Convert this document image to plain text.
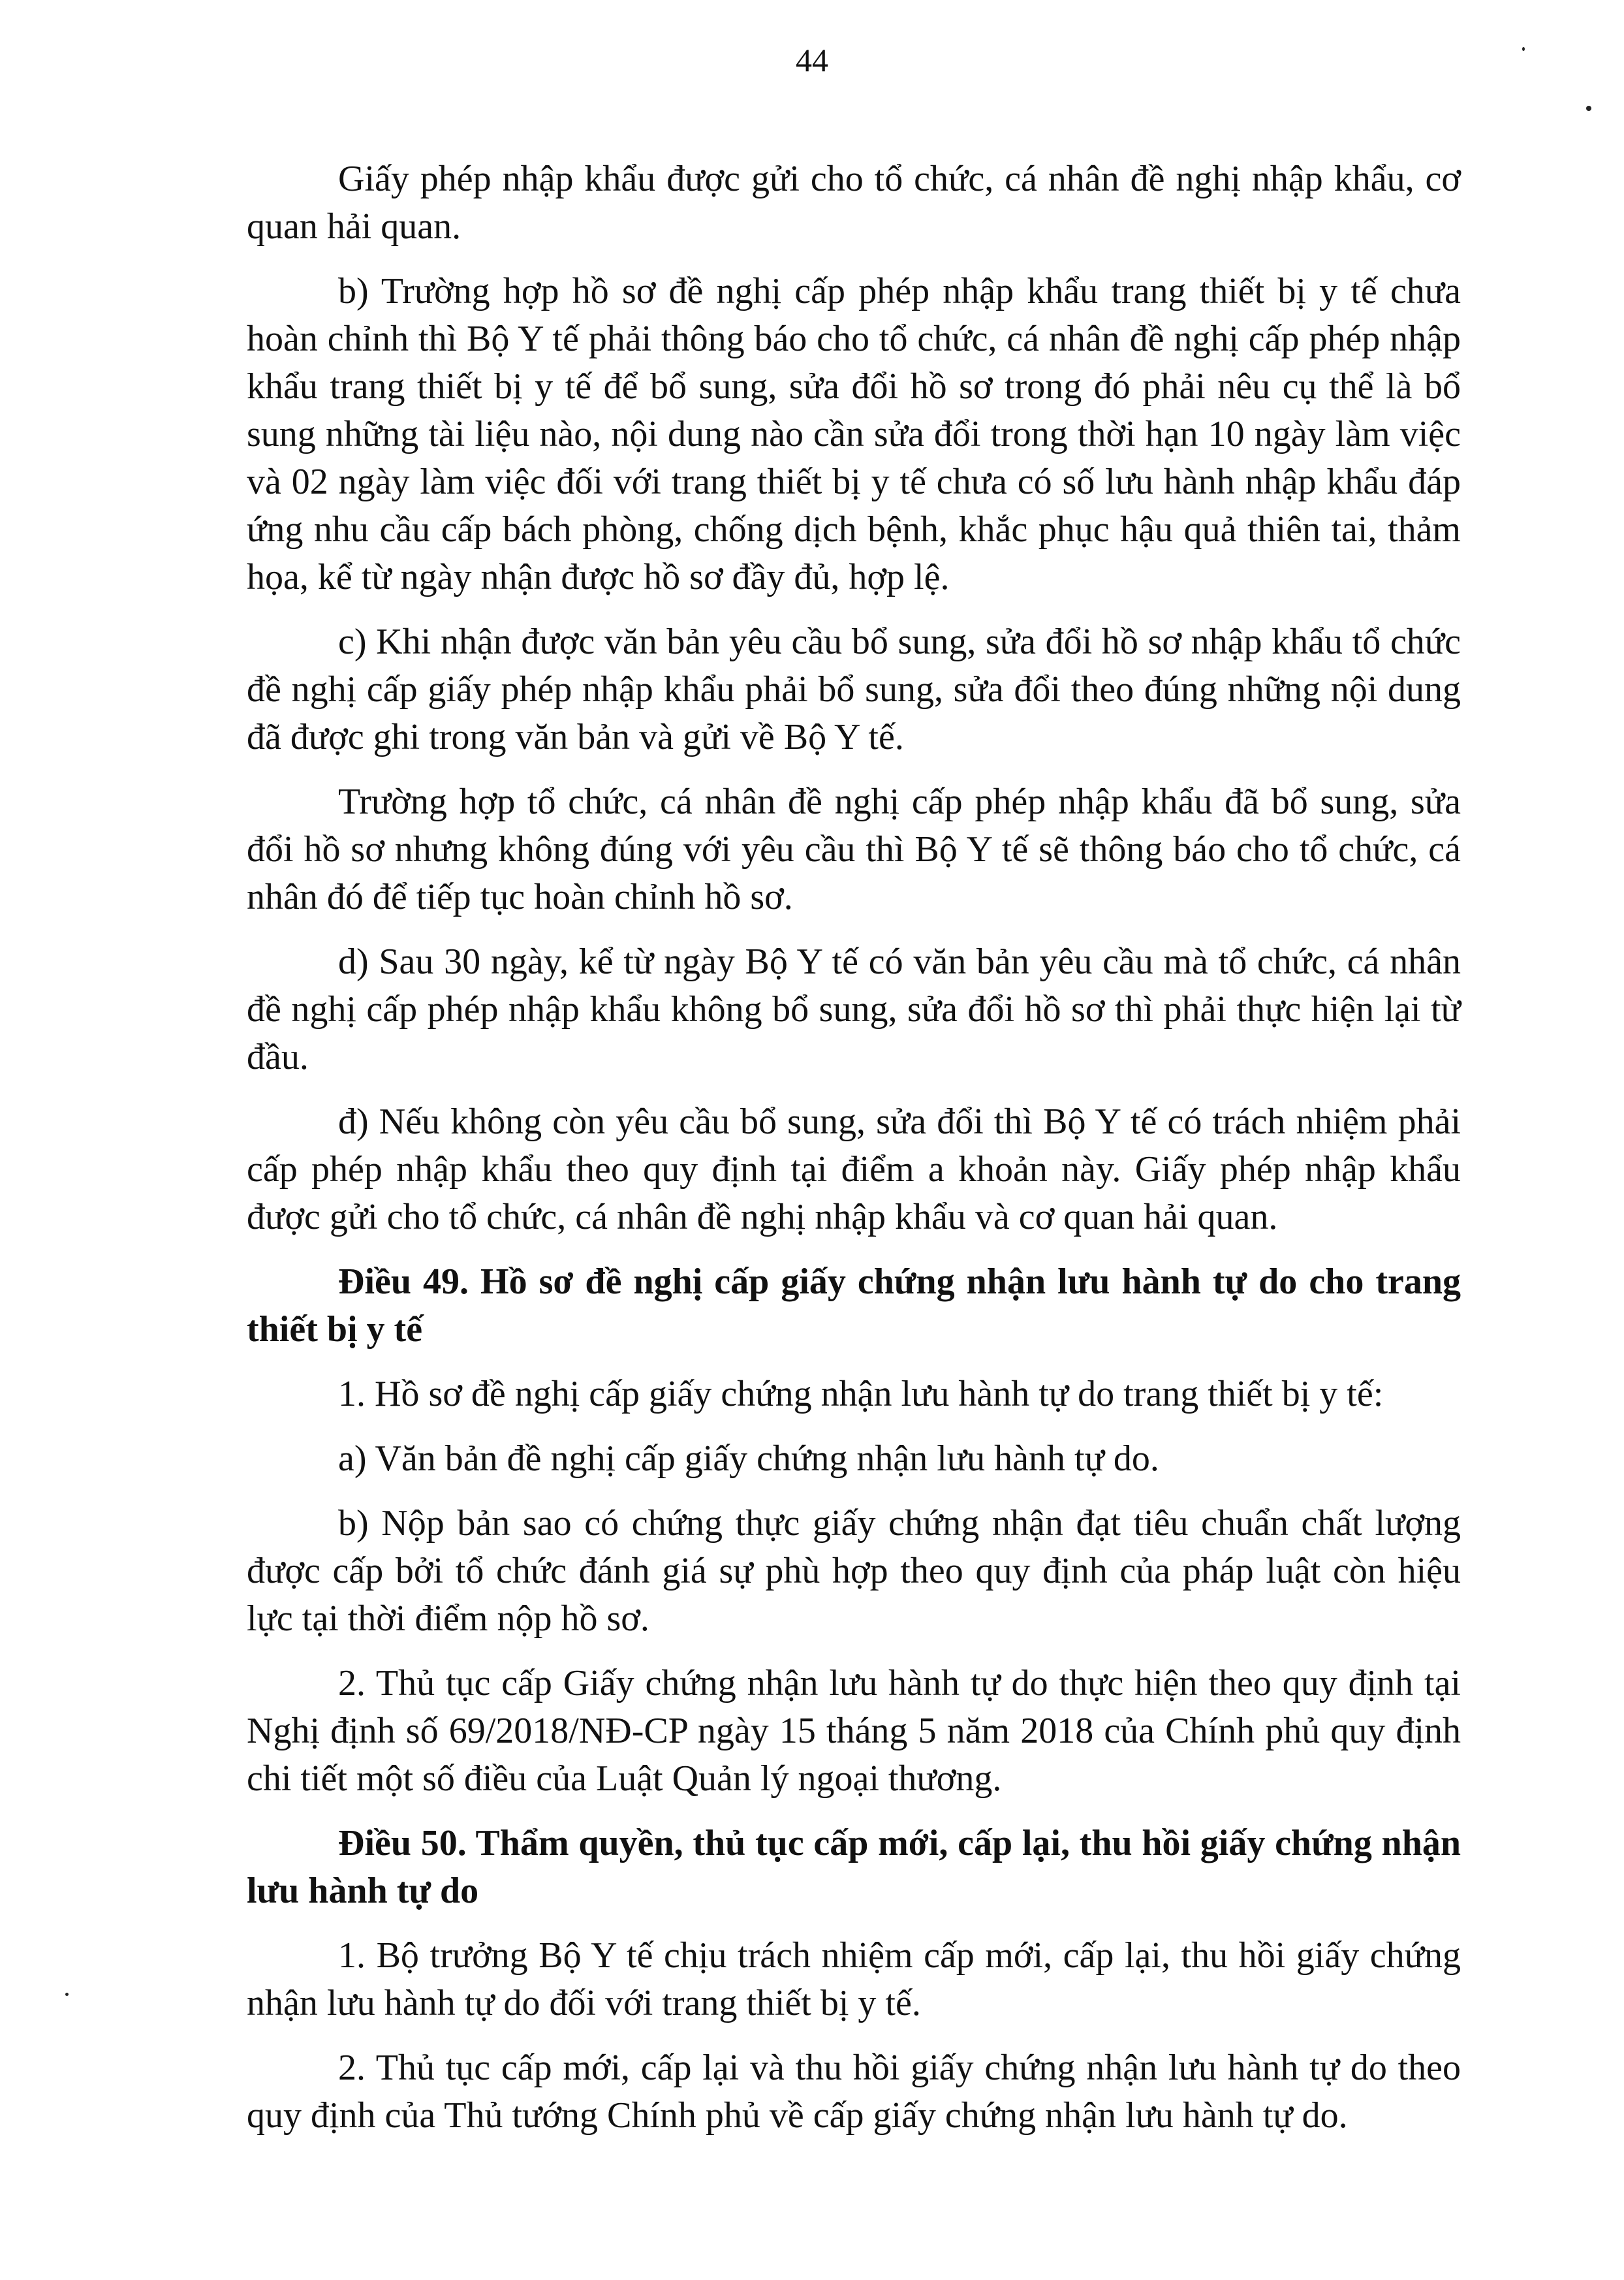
44

Giấy phép nhập khẩu được gửi cho tổ chức, cá nhân đề nghị nhập khẩu, cơ quan hải quan.

b) Trường hợp hồ sơ đề nghị cấp phép nhập khẩu trang thiết bị y tế chưa hoàn chỉnh thì Bộ Y tế phải thông báo cho tổ chức, cá nhân đề nghị cấp phép nhập khẩu trang thiết bị y tế để bổ sung, sửa đổi hồ sơ trong đó phải nêu cụ thể là bổ sung những tài liệu nào, nội dung nào cần sửa đổi trong thời hạn 10 ngày làm việc và 02 ngày làm việc đối với trang thiết bị y tế chưa có số lưu hành nhập khẩu đáp ứng nhu cầu cấp bách phòng, chống dịch bệnh, khắc phục hậu quả thiên tai, thảm họa, kể từ ngày nhận được hồ sơ đầy đủ, hợp lệ.

c) Khi nhận được văn bản yêu cầu bổ sung, sửa đổi hồ sơ nhập khẩu tổ chức đề nghị cấp giấy phép nhập khẩu phải bổ sung, sửa đổi theo đúng những nội dung đã được ghi trong văn bản và gửi về Bộ Y tế.

Trường hợp tổ chức, cá nhân đề nghị cấp phép nhập khẩu đã bổ sung, sửa đổi hồ sơ nhưng không đúng với yêu cầu thì Bộ Y tế sẽ thông báo cho tổ chức, cá nhân đó để tiếp tục hoàn chỉnh hồ sơ.

d) Sau 30 ngày, kể từ ngày Bộ Y tế có văn bản yêu cầu mà tổ chức, cá nhân đề nghị cấp phép nhập khẩu không bổ sung, sửa đổi hồ sơ thì phải thực hiện lại từ đầu.

đ) Nếu không còn yêu cầu bổ sung, sửa đổi thì Bộ Y tế có trách nhiệm phải cấp phép nhập khẩu theo quy định tại điểm a khoản này. Giấy phép nhập khẩu được gửi cho tổ chức, cá nhân đề nghị nhập khẩu và cơ quan hải quan.

Điều 49. Hồ sơ đề nghị cấp giấy chứng nhận lưu hành tự do cho trang thiết bị y tế

1. Hồ sơ đề nghị cấp giấy chứng nhận lưu hành tự do trang thiết bị y tế:

a) Văn bản đề nghị cấp giấy chứng nhận lưu hành tự do.

b) Nộp bản sao có chứng thực giấy chứng nhận đạt tiêu chuẩn chất lượng được cấp bởi tổ chức đánh giá sự phù hợp theo quy định của pháp luật còn hiệu lực tại thời điểm nộp hồ sơ.

2. Thủ tục cấp Giấy chứng nhận lưu hành tự do thực hiện theo quy định tại Nghị định số 69/2018/NĐ-CP ngày 15 tháng 5 năm 2018 của Chính phủ quy định chi tiết một số điều của Luật Quản lý ngoại thương.

Điều 50. Thẩm quyền, thủ tục cấp mới, cấp lại, thu hồi giấy chứng nhận lưu hành tự do

1. Bộ trưởng Bộ Y tế chịu trách nhiệm cấp mới, cấp lại, thu hồi giấy chứng nhận lưu hành tự do đối với trang thiết bị y tế.

2. Thủ tục cấp mới, cấp lại và thu hồi giấy chứng nhận lưu hành tự do theo quy định của Thủ tướng Chính phủ về cấp giấy chứng nhận lưu hành tự do.
